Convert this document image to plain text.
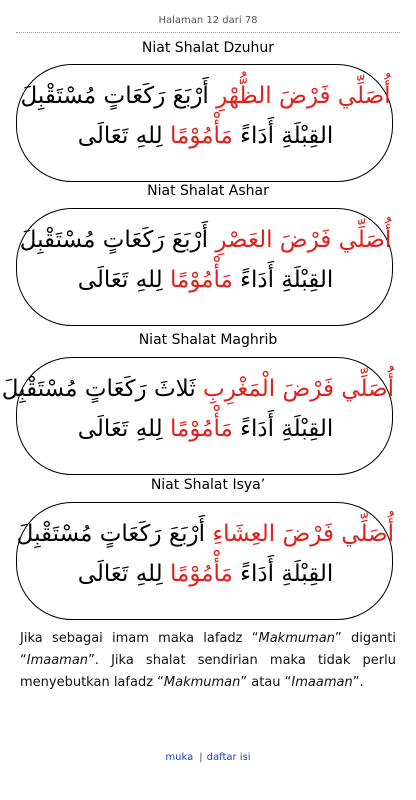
Halaman 12 dari 78
Niat Shalat Dzuhur
أُصَلِّي فَرْضَ الظُّهْرِ أَرْبَعَ رَكَعَاتٍ مُسْتَقْبِلَ
القِبْلَةِ أَدَاءً مَأْمُوْمًا لِلهِ تَعَالَى
Niat Shalat Ashar
أُصَلِّي فَرْضَ العَصْرِ أَرْبَعَ رَكَعَاتٍ مُسْتَقْبِلَ
القِبْلَةِ أَدَاءً مَأْمُوْمًا لِلهِ تَعَالَى
Niat Shalat Maghrib
أُصَلِّي فَرْضَ الْمَغْرِبِ ثَلاثَ رَكَعَاتٍ مُسْتَقْبِلَ
القِبْلَةِ أَدَاءً مَأْمُوْمًا لِلهِ تَعَالَى
Niat Shalat Isya’
أُصَلِّي فَرْضَ العِشَاءِ أَرْبَعَ رَكَعَاتٍ مُسْتَقْبِلَ
القِبْلَةِ أَدَاءً مَأْمُوْمًا لِلهِ تَعَالَى
Jika sebagai imam maka lafadz “Makmuman” diganti “Imaaman”. Jika shalat sendirian maka tidak perlu menyebutkan lafadz “Makmuman” atau “Imaaman”.
muka | daftar isi
